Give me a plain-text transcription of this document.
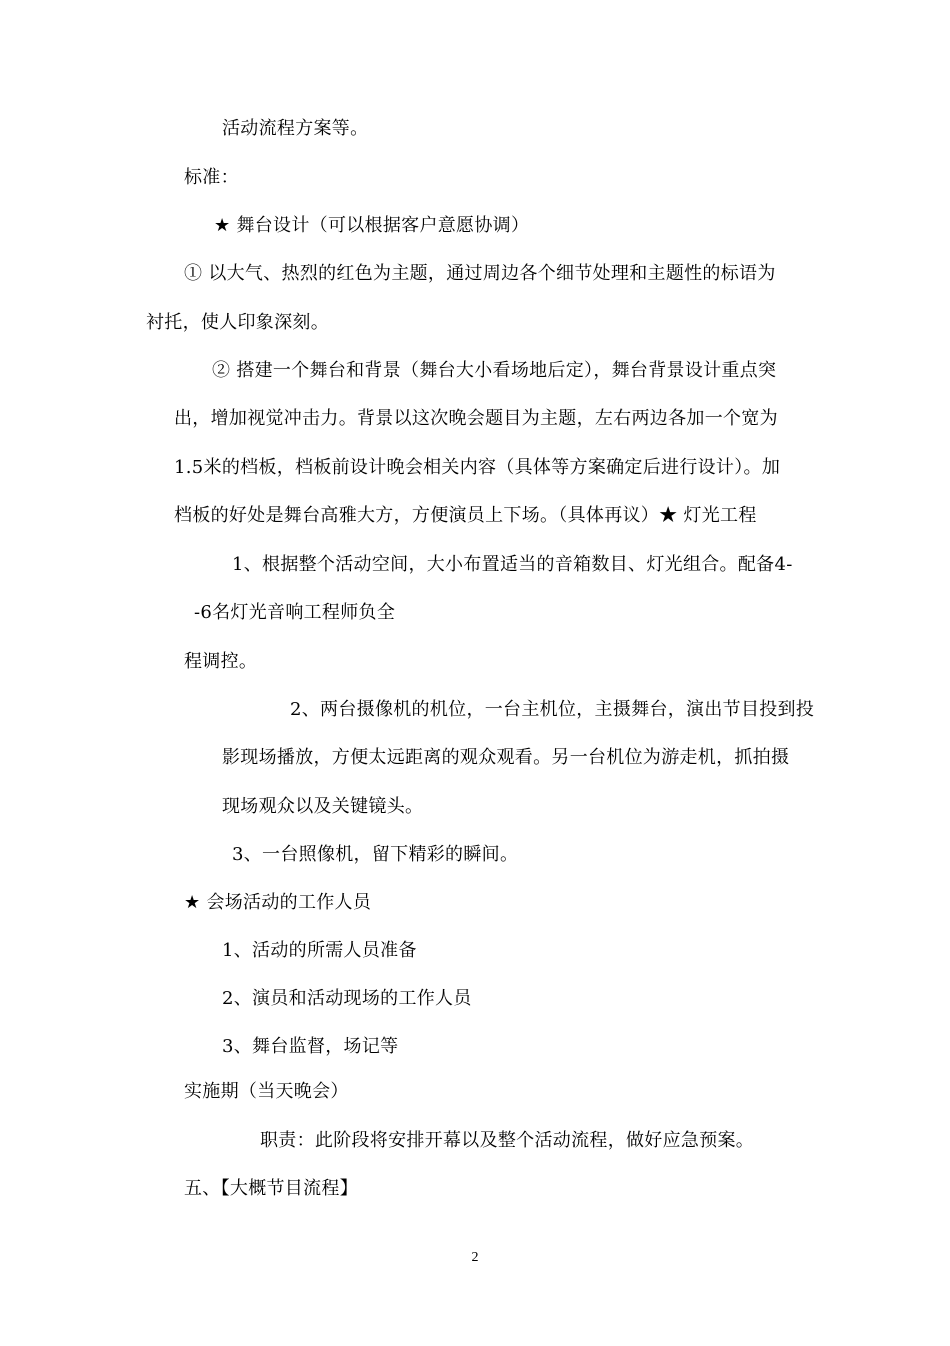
活动流程方案等。
标准：
★ 舞台设计（可以根据客户意愿协调）
① 以大气、热烈的红色为主题，通过周边各个细节处理和主题性的标语为
衬托，使人印象深刻。
② 搭建一个舞台和背景（舞台大小看场地后定），舞台背景设计重点突
出，增加视觉冲击力。背景以这次晚会题目为主题，左右两边各加一个宽为
1.5米的档板，档板前设计晚会相关内容（具体等方案确定后进行设计）。加
档板的好处是舞台高雅大方，方便演员上下场。（具体再议）★ 灯光工程
1、根据整个活动空间，大小布置适当的音箱数目、灯光组合。配备4-
-6名灯光音响工程师负全
程调控。
2、两台摄像机的机位，一台主机位，主摄舞台，演出节目投到投
影现场播放，方便太远距离的观众观看。另一台机位为游走机，抓拍摄
现场观众以及关键镜头。
3、一台照像机，留下精彩的瞬间。
★ 会场活动的工作人员
1、活动的所需人员准备
2、演员和活动现场的工作人员
3、舞台监督，场记等
实施期（当天晚会）
职责：此阶段将安排开幕以及整个活动流程，做好应急预案。
五、【大概节目流程】
2
